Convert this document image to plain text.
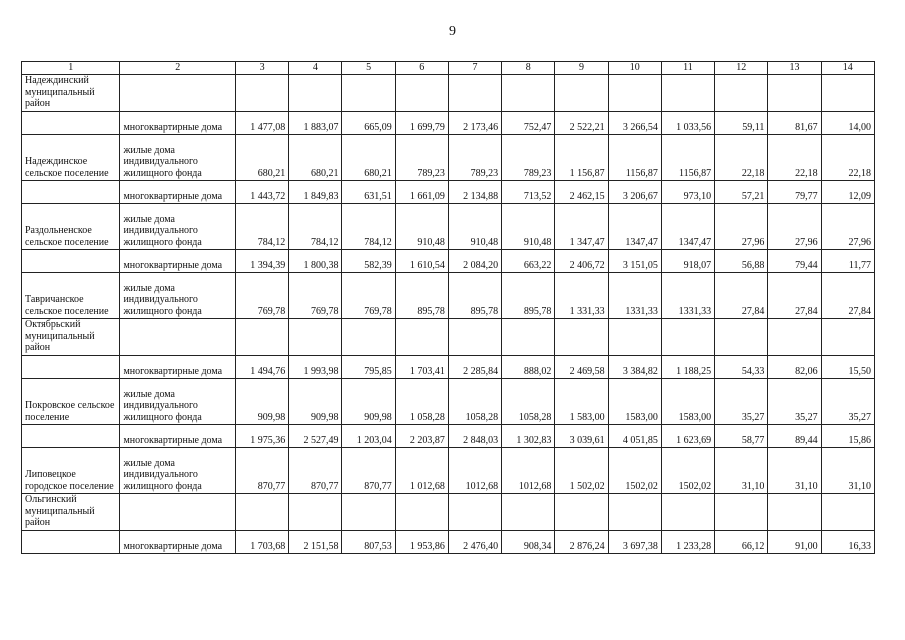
9
1	2	3	4	5	6	7	8	9	10	11	12	13	14
Надеждинский муниципальный район													
	многоквартирные дома	1 477,08	1 883,07	665,09	1 699,79	2 173,46	752,47	2 522,21	3 266,54	1 033,56	59,11	81,67	14,00
Надеждинское сельское поселение	жилые дома индивидуального жилищного фонда	680,21	680,21	680,21	789,23	789,23	789,23	1 156,87	1156,87	1156,87	22,18	22,18	22,18
	многоквартирные дома	1 443,72	1 849,83	631,51	1 661,09	2 134,88	713,52	2 462,15	3 206,67	973,10	57,21	79,77	12,09
Раздольненское сельское поселение	жилые дома индивидуального жилищного фонда	784,12	784,12	784,12	910,48	910,48	910,48	1 347,47	1347,47	1347,47	27,96	27,96	27,96
	многоквартирные дома	1 394,39	1 800,38	582,39	1 610,54	2 084,20	663,22	2 406,72	3 151,05	918,07	56,88	79,44	11,77
Тавричанское сельское поселение	жилые дома индивидуального жилищного фонда	769,78	769,78	769,78	895,78	895,78	895,78	1 331,33	1331,33	1331,33	27,84	27,84	27,84
Октябрьский муниципальный район													
	многоквартирные дома	1 494,76	1 993,98	795,85	1 703,41	2 285,84	888,02	2 469,58	3 384,82	1 188,25	54,33	82,06	15,50
Покровское сельское поселение	жилые дома индивидуального жилищного фонда	909,98	909,98	909,98	1 058,28	1058,28	1058,28	1 583,00	1583,00	1583,00	35,27	35,27	35,27
	многоквартирные дома	1 975,36	2 527,49	1 203,04	2 203,87	2 848,03	1 302,83	3 039,61	4 051,85	1 623,69	58,77	89,44	15,86
Липовецкое городское поселение	жилые дома индивидуального жилищного фонда	870,77	870,77	870,77	1 012,68	1012,68	1012,68	1 502,02	1502,02	1502,02	31,10	31,10	31,10
Ольгинский муниципальный район													
	многоквартирные дома	1 703,68	2 151,58	807,53	1 953,86	2 476,40	908,34	2 876,24	3 697,38	1 233,28	66,12	91,00	16,33
